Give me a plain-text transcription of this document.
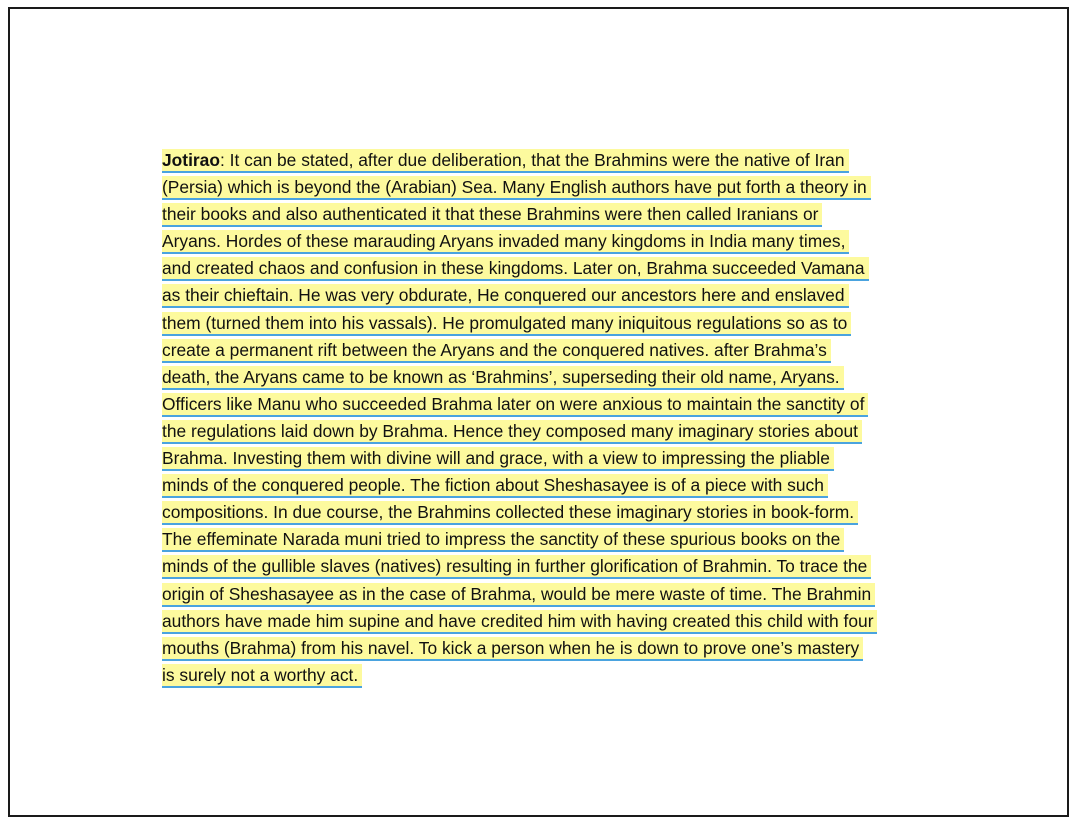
Jotirao: It can be stated, after due deliberation, that the Brahmins were the native of Iran
(Persia) which is beyond the (Arabian) Sea. Many English authors have put forth a theory in
their books and also authenticated it that these Brahmins were then called Iranians or
Aryans. Hordes of these marauding Aryans invaded many kingdoms in India many times,
and created chaos and confusion in these kingdoms. Later on, Brahma succeeded Vamana
as their chieftain. He was very obdurate, He conquered our ancestors here and enslaved
them (turned them into his vassals). He promulgated many iniquitous regulations so as to
create a permanent rift between the Aryans and the conquered natives. after Brahma’s
death, the Aryans came to be known as ‘Brahmins’, superseding their old name, Aryans.
Officers like Manu who succeeded Brahma later on were anxious to maintain the sanctity of
the regulations laid down by Brahma. Hence they composed many imaginary stories about
Brahma. Investing them with divine will and grace, with a view to impressing the pliable
minds of the conquered people. The fiction about Sheshasayee is of a piece with such
compositions. In due course, the Brahmins collected these imaginary stories in book-form.
The effeminate Narada muni tried to impress the sanctity of these spurious books on the
minds of the gullible slaves (natives) resulting in further glorification of Brahmin. To trace the
origin of Sheshasayee as in the case of Brahma, would be mere waste of time. The Brahmin
authors have made him supine and have credited him with having created this child with four
mouths (Brahma) from his navel. To kick a person when he is down to prove one’s mastery
is surely not a worthy act.
